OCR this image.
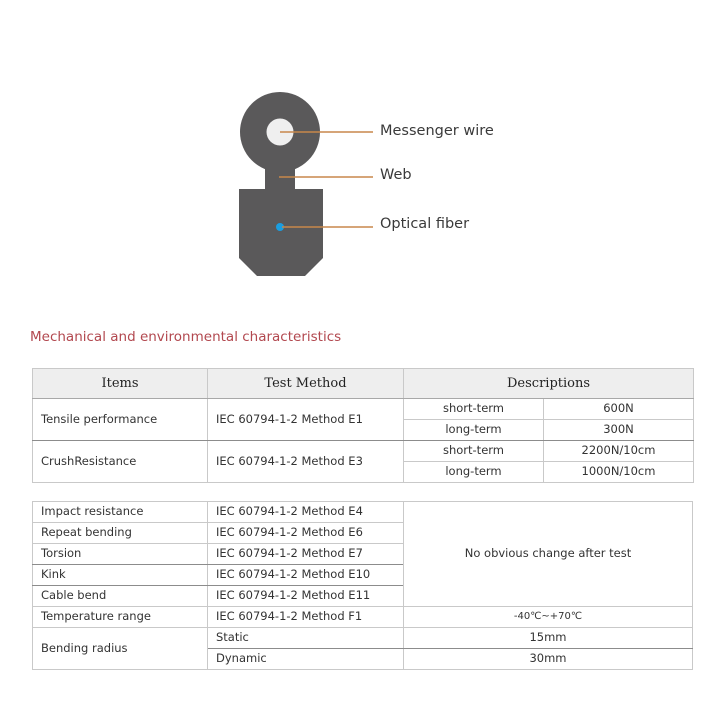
Messenger wire
Web
Optical fiber
Mechanical and environmental characteristics
Items	Test Method	Descriptions	
Tensile performance	IEC 60794-1-2 Method E1	short-term	600N
		long-term	300N
CrushResistance	IEC 60794-1-2 Method E3	short-term	2200N/10cm
		long-term	1000N/10cm
Impact resistance	IEC 60794-1-2 Method E4	No obvious change after test
Repeat bending	IEC 60794-1-2 Method E6	
Torsion	IEC 60794-1-2 Method E7	
Kink	IEC 60794-1-2 Method E10	
Cable bend	IEC 60794-1-2 Method E11	
Temperature range	IEC 60794-1-2 Method F1	-40℃~+70℃
Bending radius	Static	15mm
	Dynamic	30mm
